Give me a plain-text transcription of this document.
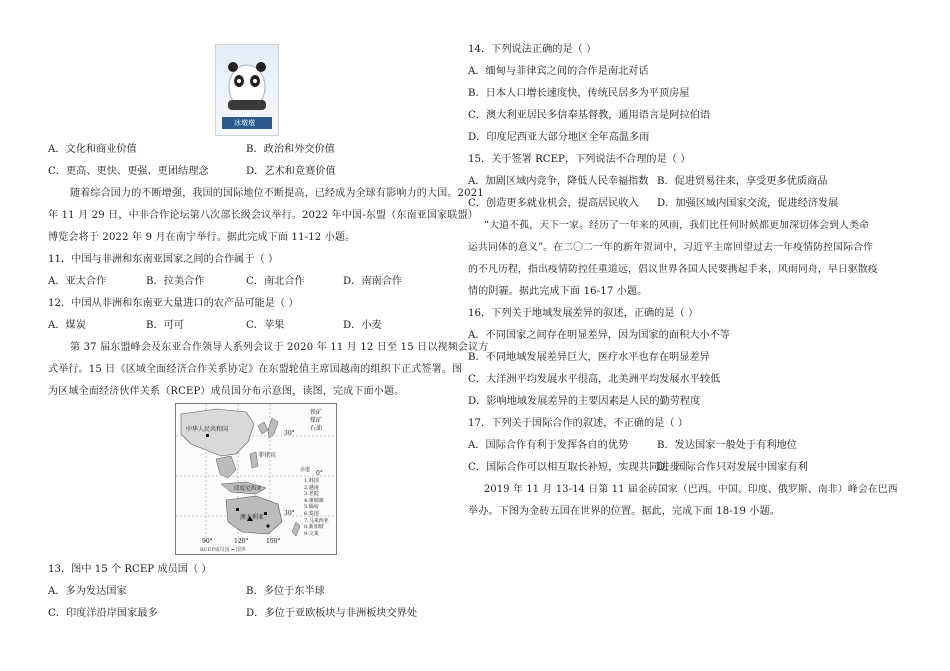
冰墩墩
A．文化和商业价值	B．政治和外交价值
C．更高、更快、更强、更团结理念	D．艺术和竞赛价值
随着综合国力的不断增强，我国的国际地位不断提高，已经成为全球有影响力的大国。2021
年 11 月 29 日，中非合作论坛第八次部长级会议举行。2022 年中国-东盟（东南亚国家联盟）
博览会将于 2022 年 9 月在南宁举行。据此完成下面 11-12 小题。
11．中国与非洲和东南亚国家之间的合作属于（ ）
A．亚太合作	B．拉美合作	C．南北合作	D．南南合作
12．中国从非洲和东南亚大量进口的农产品可能是（ ）
A．煤炭	B．可可	C．苹果	D．小麦
第 37 届东盟峰会及东亚合作领导人系列会议于 2020 年 11 月 12 日至 15 日以视频会议方
式举行。15 日《区域全面经济合作关系协定》在东盟轮值主席国越南的组织下正式签署。图
为区域全面经济伙伴关系（RCEP）成员国分布示意图，读图，完成下面小题。
铁矿
煤矿
石油
中华人民共和国
菲律宾
印度尼西亚
澳大利亚
30°
0°
赤道
30°
90°	120°	150°
1.韩国
2.越南
3.老挝
4.柬埔寨
5.缅甸
6.泰国
7.马来西亚
8.新加坡
9.文莱
RCEP成员国 ━ 国界
13．图中 15 个 RCEP 成员国（ ）
A．多为发达国家	B．多位于东半球
C．印度洋沿岸国家最多	D．多位于亚欧板块与非洲板块交界处
14．下列说法正确的是（ ）
A．缅甸与菲律宾之间的合作是南北对话
B．日本人口增长速度快，传统民居多为平顶房屋
C．澳大利亚居民多信奉基督教，通用语言是阿拉伯语
D．印度尼西亚大部分地区全年高温多雨
15．关于签署 RCEP，下列说法不合理的是（ ）
A．加剧区域内竞争，降低人民幸福指数 B．促进贸易往来，享受更多优质商品
C．创造更多就业机会，提高居民收入 D．加强区域内国家交流，促进经济发展
“大道不孤，天下一家。经历了一年来的风雨，我们比任何时候都更加深切体会到人类命
运共同体的意义”。在二〇二一年的新年贺词中，习近平主席回望过去一年疫情防控国际合作
的不凡历程，指出疫情防控任重道远，倡议世界各国人民要携起手来，风雨同舟，早日驱散疫
情的阴霾。据此完成下面 16-17 小题。
16．下列关于地域发展差异的叙述，正确的是（ ）
A．不同国家之间存在明显差异，因为国家的面积大小不等
B．不同地域发展差异巨大，医疗水平也存在明显差异
C．大洋洲平均发展水平很高，北美洲平均发展水平较低
D．影响地域发展差异的主要因素是人民的勤劳程度
17．下列关于国际合作的叙述，不正确的是（ ）
A．国际合作有利于发挥各自的优势	B．发达国家一般处于有利地位
C．国际合作可以相互取长补短，实现共同进步
D．国际合作只对发展中国家有利
2019 年 11 月 13-14 日第 11 届金砖国家（巴西、中国、印度、俄罗斯、南非）峰会在巴西
举办。下图为金砖五国在世界的位置。据此，完成下面 18-19 小题。
